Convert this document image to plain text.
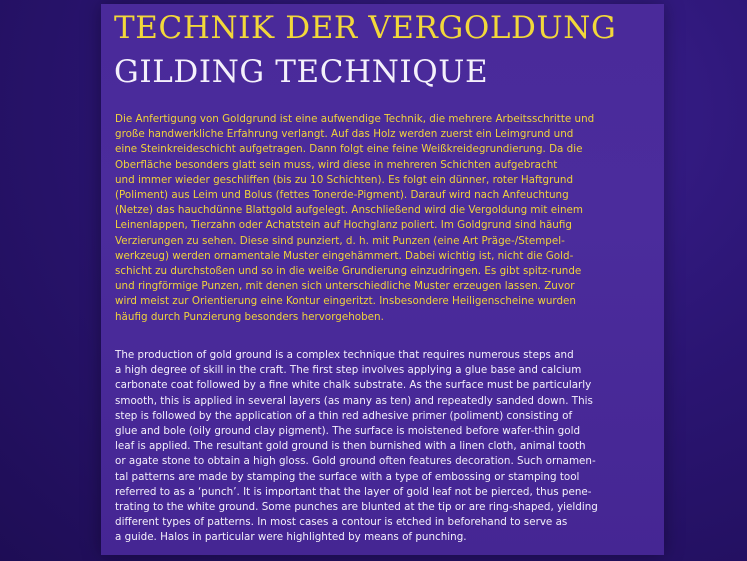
TECHNIK DER VERGOLDUNG
GILDING TECHNIQUE

Die Anfertigung von Goldgrund ist eine aufwendige Technik, die mehrere Arbeitsschritte und
große handwerkliche Erfahrung verlangt. Auf das Holz werden zuerst ein Leimgrund und
eine Steinkreideschicht aufgetragen. Dann folgt eine feine Weißkreidegrundierung. Da die
Oberfläche besonders glatt sein muss, wird diese in mehreren Schichten aufgebracht
und immer wieder geschliffen (bis zu 10 Schichten). Es folgt ein dünner, roter Haftgrund
(Poliment) aus Leim und Bolus (fettes Tonerde-Pigment). Darauf wird nach Anfeuchtung
(Netze) das hauchdünne Blattgold aufgelegt. Anschließend wird die Vergoldung mit einem
Leinenlappen, Tierzahn oder Achatstein auf Hochglanz poliert. Im Goldgrund sind häufig
Verzierungen zu sehen. Diese sind punziert, d. h. mit Punzen (eine Art Präge-/Stempel-
werkzeug) werden ornamentale Muster eingehämmert. Dabei wichtig ist, nicht die Gold-
schicht zu durchstoßen und so in die weiße Grundierung einzudringen. Es gibt spitz-runde
und ringförmige Punzen, mit denen sich unterschiedliche Muster erzeugen lassen. Zuvor
wird meist zur Orientierung eine Kontur eingeritzt. Insbesondere Heiligenscheine wurden
häufig durch Punzierung besonders hervorgehoben.

The production of gold ground is a complex technique that requires numerous steps and
a high degree of skill in the craft. The first step involves applying a glue base and calcium
carbonate coat followed by a fine white chalk substrate. As the surface must be particularly
smooth, this is applied in several layers (as many as ten) and repeatedly sanded down. This
step is followed by the application of a thin red adhesive primer (poliment) consisting of
glue and bole (oily ground clay pigment). The surface is moistened before wafer-thin gold
leaf is applied. The resultant gold ground is then burnished with a linen cloth, animal tooth
or agate stone to obtain a high gloss. Gold ground often features decoration. Such ornamen-
tal patterns are made by stamping the surface with a type of embossing or stamping tool
referred to as a ‘punch’. It is important that the layer of gold leaf not be pierced, thus pene-
trating to the white ground. Some punches are blunted at the tip or are ring-shaped, yielding
different types of patterns. In most cases a contour is etched in beforehand to serve as
a guide. Halos in particular were highlighted by means of punching.
